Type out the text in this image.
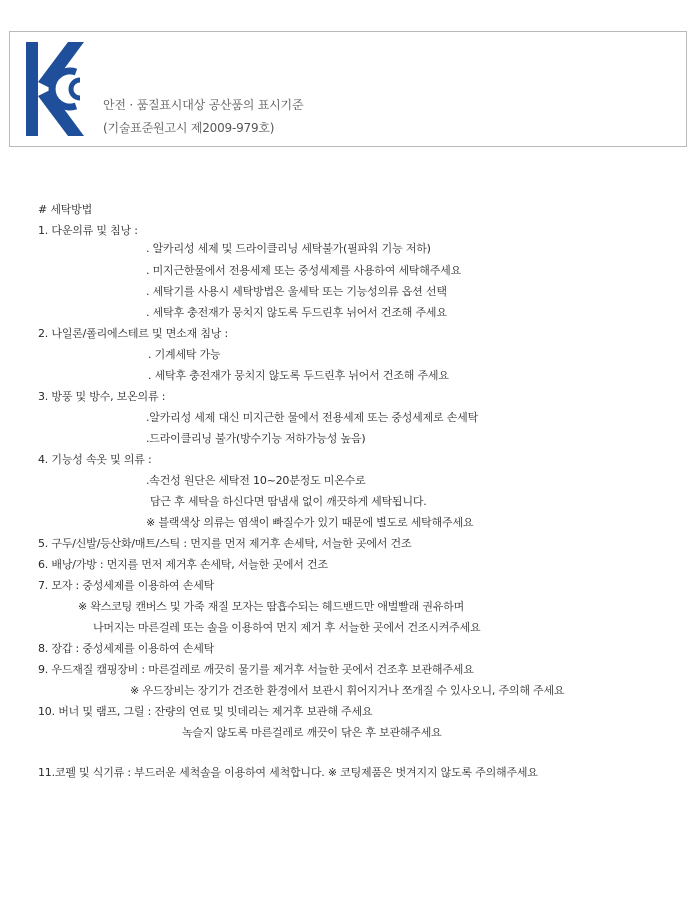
안전 · 품질표시대상 공산품의 표시기준
(기술표준원고시 제2009-979호)
# 세탁방법
1. 다운의류 및 침낭 :
. 알카리성 세제 및 드라이클리닝 세탁불가(필파워 기능 저하)
. 미지근한물에서 전용세제 또는 중성세제를 사용하여 세탁해주세요
. 세탁기를 사용시 세탁방법은 울세탁 또는 기능성의류 옵션 선택
. 세탁후 충전재가 뭉치지 않도록 두드린후 뉘어서 건조해 주세요
2. 나일론/폴리에스테르 및 면소재 침낭 :
. 기계세탁 가능
. 세탁후 충전재가 뭉치지 않도록 두드린후 뉘어서 건조해 주세요
3. 방풍 및 방수, 보온의류 :
.알카리성 세제 대신 미지근한 물에서 전용세제 또는 중성세제로 손세탁
.드라이클리닝 불가(방수기능 저하가능성 높음)
4. 기능성 속옷 및 의류 :
.속건성 원단은 세탁전 10~20분정도 미온수로
담근 후 세탁을 하신다면 땀냄새 없이 깨끗하게 세탁됩니다.
※ 블랙색상 의류는 염색이 빠질수가 있기 때문에 별도로 세탁해주세요
5. 구두/신발/등산화/매트/스틱 : 먼지를 먼저 제거후 손세탁, 서늘한 곳에서 건조
6. 배낭/가방 : 먼지를 먼저 제거후 손세탁, 서늘한 곳에서 건조
7. 모자 : 중성세제를 이용하여 손세탁
※ 왁스코팅 캔버스 및 가죽 재질 모자는 땀흡수되는 헤드밴드만 애벌빨래 권유하며
나머지는 마른걸레 또는 솔을 이용하여 먼지 제거 후 서늘한 곳에서 건조시켜주세요
8. 장갑 : 중성세제를 이용하여 손세탁
9. 우드재질 캠핑장비 : 마른걸레로 깨끗히 물기를 제거후 서늘한 곳에서 건조후 보관해주세요
※ 우드장비는 장기가 건조한 환경에서 보관시 휘어지거나 쪼개질 수 있사오니, 주의해 주세요
10. 버너 및 램프, 그릴 : 잔량의 연료 및 빗데리는 제거후 보관해 주세요
녹슬지 않도록 마른걸레로 깨끗이 닦은 후 보관해주세요
11.코펠 및 식기류 : 부드러운 세척솔을 이용하여 세척합니다. ※ 코팅제품은 벗겨지지 않도록 주의해주세요
